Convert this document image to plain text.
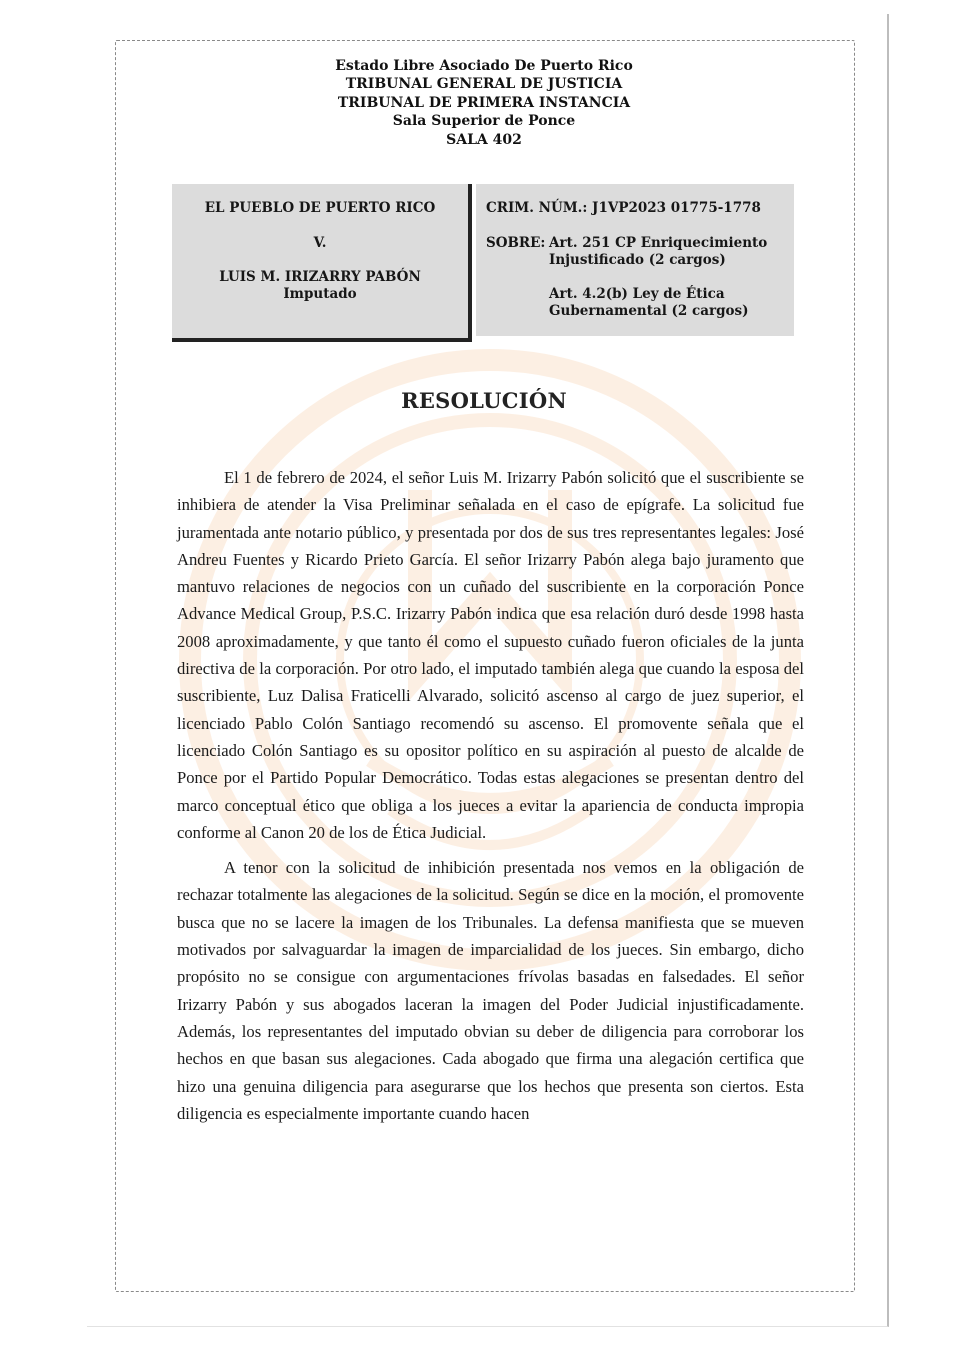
Estado Libre Asociado De Puerto Rico
TRIBUNAL GENERAL DE JUSTICIA
TRIBUNAL DE PRIMERA INSTANCIA
Sala Superior de Ponce
SALA 402
EL PUEBLO DE PUERTO RICO
V.
LUIS M. IRIZARRY PABÓN
Imputado
CRIM. NÚM.: J1VP2023 01775-1778
SOBRE: Art. 251 CP Enriquecimiento
Injustificado (2 cargos)
Art. 4.2(b) Ley de Ética
Gubernamental (2 cargos)
RESOLUCIÓN

El 1 de febrero de 2024, el señor Luis M. Irizarry Pabón solicitó que el suscribiente se inhibiera de atender la Visa Preliminar señalada en el caso de epígrafe. La solicitud fue juramentada ante notario público, y presentada por dos de sus tres representantes legales: José Andreu Fuentes y Ricardo Prieto García. El señor Irizarry Pabón alega bajo juramento que mantuvo relaciones de negocios con un cuñado del suscribiente en la corporación Ponce Advance Medical Group, P.S.C. Irizarry Pabón indica que esa relación duró desde 1998 hasta 2008 aproximadamente, y que tanto él como el supuesto cuñado fueron oficiales de la junta directiva de la corporación. Por otro lado, el imputado también alega que cuando la esposa del suscribiente, Luz Dalisa Fraticelli Alvarado, solicitó ascenso al cargo de juez superior, el licenciado Pablo Colón Santiago recomendó su ascenso. El promovente señala que el licenciado Colón Santiago es su opositor político en su aspiración al puesto de alcalde de Ponce por el Partido Popular Democrático. Todas estas alegaciones se presentan dentro del marco conceptual ético que obliga a los jueces a evitar la apariencia de conducta impropia conforme al Canon 20 de los de Ética Judicial.

A tenor con la solicitud de inhibición presentada nos vemos en la obligación de rechazar totalmente las alegaciones de la solicitud. Según se dice en la moción, el promovente busca que no se lacere la imagen de los Tribunales. La defensa manifiesta que se mueven motivados por salvaguardar la imagen de imparcialidad de los jueces. Sin embargo, dicho propósito no se consigue con argumentaciones frívolas basadas en falsedades. El señor Irizarry Pabón y sus abogados laceran la imagen del Poder Judicial injustificadamente. Además, los representantes del imputado obvian su deber de diligencia para corroborar los hechos en que basan sus alegaciones. Cada abogado que firma una alegación certifica que hizo una genuina diligencia para asegurarse que los hechos que presenta son ciertos. Esta diligencia es especialmente importante cuando hacen
